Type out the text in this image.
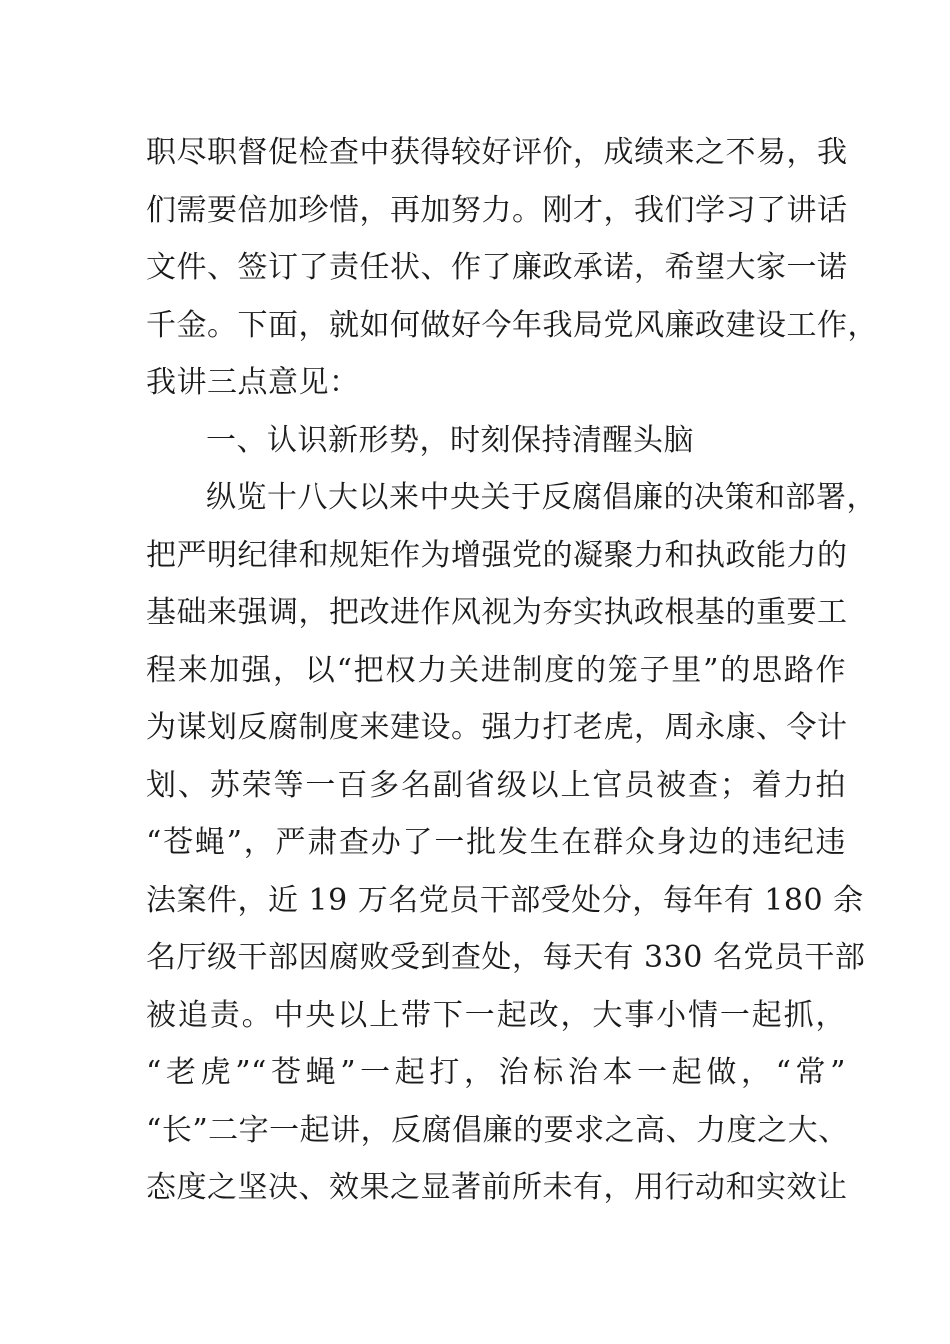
职尽职督促检查中获得较好评价，成绩来之不易，我
们需要倍加珍惜，再加努力。刚才，我们学习了讲话
文件、签订了责任状、作了廉政承诺，希望大家一诺
千金。下面，就如何做好今年我局党风廉政建设工作，
我讲三点意见：
一、认识新形势，时刻保持清醒头脑
纵览十八大以来中央关于反腐倡廉的决策和部署，
把严明纪律和规矩作为增强党的凝聚力和执政能力的
基础来强调，把改进作风视为夯实执政根基的重要工
程来加强，以“把权力关进制度的笼子里”的思路作
为谋划反腐制度来建设。强力打老虎，周永康、令计
划、苏荣等一百多名副省级以上官员被查；着力拍
“苍蝇”，严肃查办了一批发生在群众身边的违纪违
法案件，近 19 万名党员干部受处分，每年有 180 余
名厅级干部因腐败受到查处，每天有 330 名党员干部
被追责。中央以上带下一起改，大事小情一起抓，
“老虎”“苍蝇”一起打，治标治本一起做，“常”
“长”二字一起讲，反腐倡廉的要求之高、力度之大、
态度之坚决、效果之显著前所未有，用行动和实效让
